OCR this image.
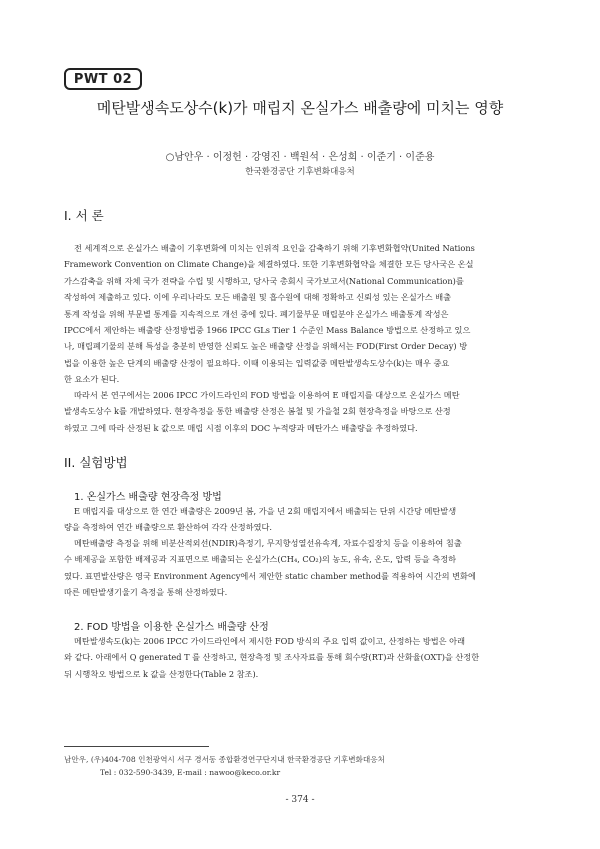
PWT 02
메탄발생속도상수(k)가 매립지 온실가스 배출량에 미치는 영향
○남안우 · 이정헌 · 강영진 · 백원석 · 은성희 · 이준기 · 이준용
한국환경공단 기후변화대응처
I. 서 론
전 세계적으로 온실가스 배출이 기후변화에 미치는 인위적 요인을 감축하기 위해 기후변화협약(United Nations
Framework Convention on Climate Change)을 체결하였다. 또한 기후변화협약을 체결한 모든 당사국은 온실
가스감축을 위해 자체 국가 전략을 수립 및 시행하고, 당사국 총회시 국가보고서(National Communication)를
작성하여 제출하고 있다. 이에 우리나라도 모든 배출원 및 흡수원에 대해 정확하고 신뢰성 있는 온실가스 배출
통계 작성을 위해 부문별 통계를 지속적으로 개선 중에 있다. 폐기물부문 매립분야 온실가스 배출통계 작성은
IPCC에서 제안하는 배출량 산정방법중 1966 IPCC GLs Tier 1 수준인 Mass Balance 방법으로 산정하고 있으
나, 매립폐기물의 분해 특성을 충분히 반영한 신뢰도 높은 배출량 산정을 위해서는 FOD(First Order Decay) 방
법을 이용한 높은 단계의 배출량 산정이 필요하다. 이때 이용되는 입력값중 메탄발생속도상수(k)는 매우 중요
한 요소가 된다.
따라서 본 연구에서는 2006 IPCC 가이드라인의 FOD 방법을 이용하여 E 매립지를 대상으로 온실가스 메탄
발생속도상수 k를 개발하였다. 현장측정을 통한 배출량 산정은 봄철 및 가을철 2회 현장측정을 바탕으로 산정
하였고 그에 따라 산정된 k 값으로 매립 시점 이후의 DOC 누적량과 메탄가스 배출량을 추정하였다.
II. 실험방법
1. 온실가스 배출량 현장측정 방법
E 매립지를 대상으로 한 연간 배출량은 2009년 봄, 가을 년 2회 매립지에서 배출되는 단위 시간당 메탄발생
량을 측정하여 연간 배출량으로 환산하여 각각 산정하였다.
메탄배출량 측정을 위해 비분산적외선(NDIR)측정기, 무지향성열선유속계, 자료수집장치 등을 이용하여 침출
수 배제공을 포함한 배제공과 지표면으로 배출되는 온실가스(CH₄, CO₂)의 농도, 유속, 온도, 압력 등을 측정하
였다. 표면발산량은 영국 Environment Agency에서 제안한 static chamber method를 적용하여 시간의 변화에
따른 메탄발생기울기 측정을 통해 산정하였다.
2. FOD 방법을 이용한 온실가스 배출량 산정
메탄발생속도(k)는 2006 IPCC 가이드라인에서 제시한 FOD 방식의 주요 입력 값이고, 산정하는 방법은 아래
와 같다. 아래에서 Q generated T 를 산정하고, 현장측정 및 조사자료를 통해 회수량(RT)과 산화율(OXT)을 산정한
뒤 시행착오 방법으로 k 값을 산정한다(Table 2 참조).
남안우, (우)404-708 인천광역시 서구 경서동 종합환경연구단지내 한국환경공단 기후변화대응처
Tel : 032-590-3439, E-mail : nawoo@keco.or.kr
- 374 -
